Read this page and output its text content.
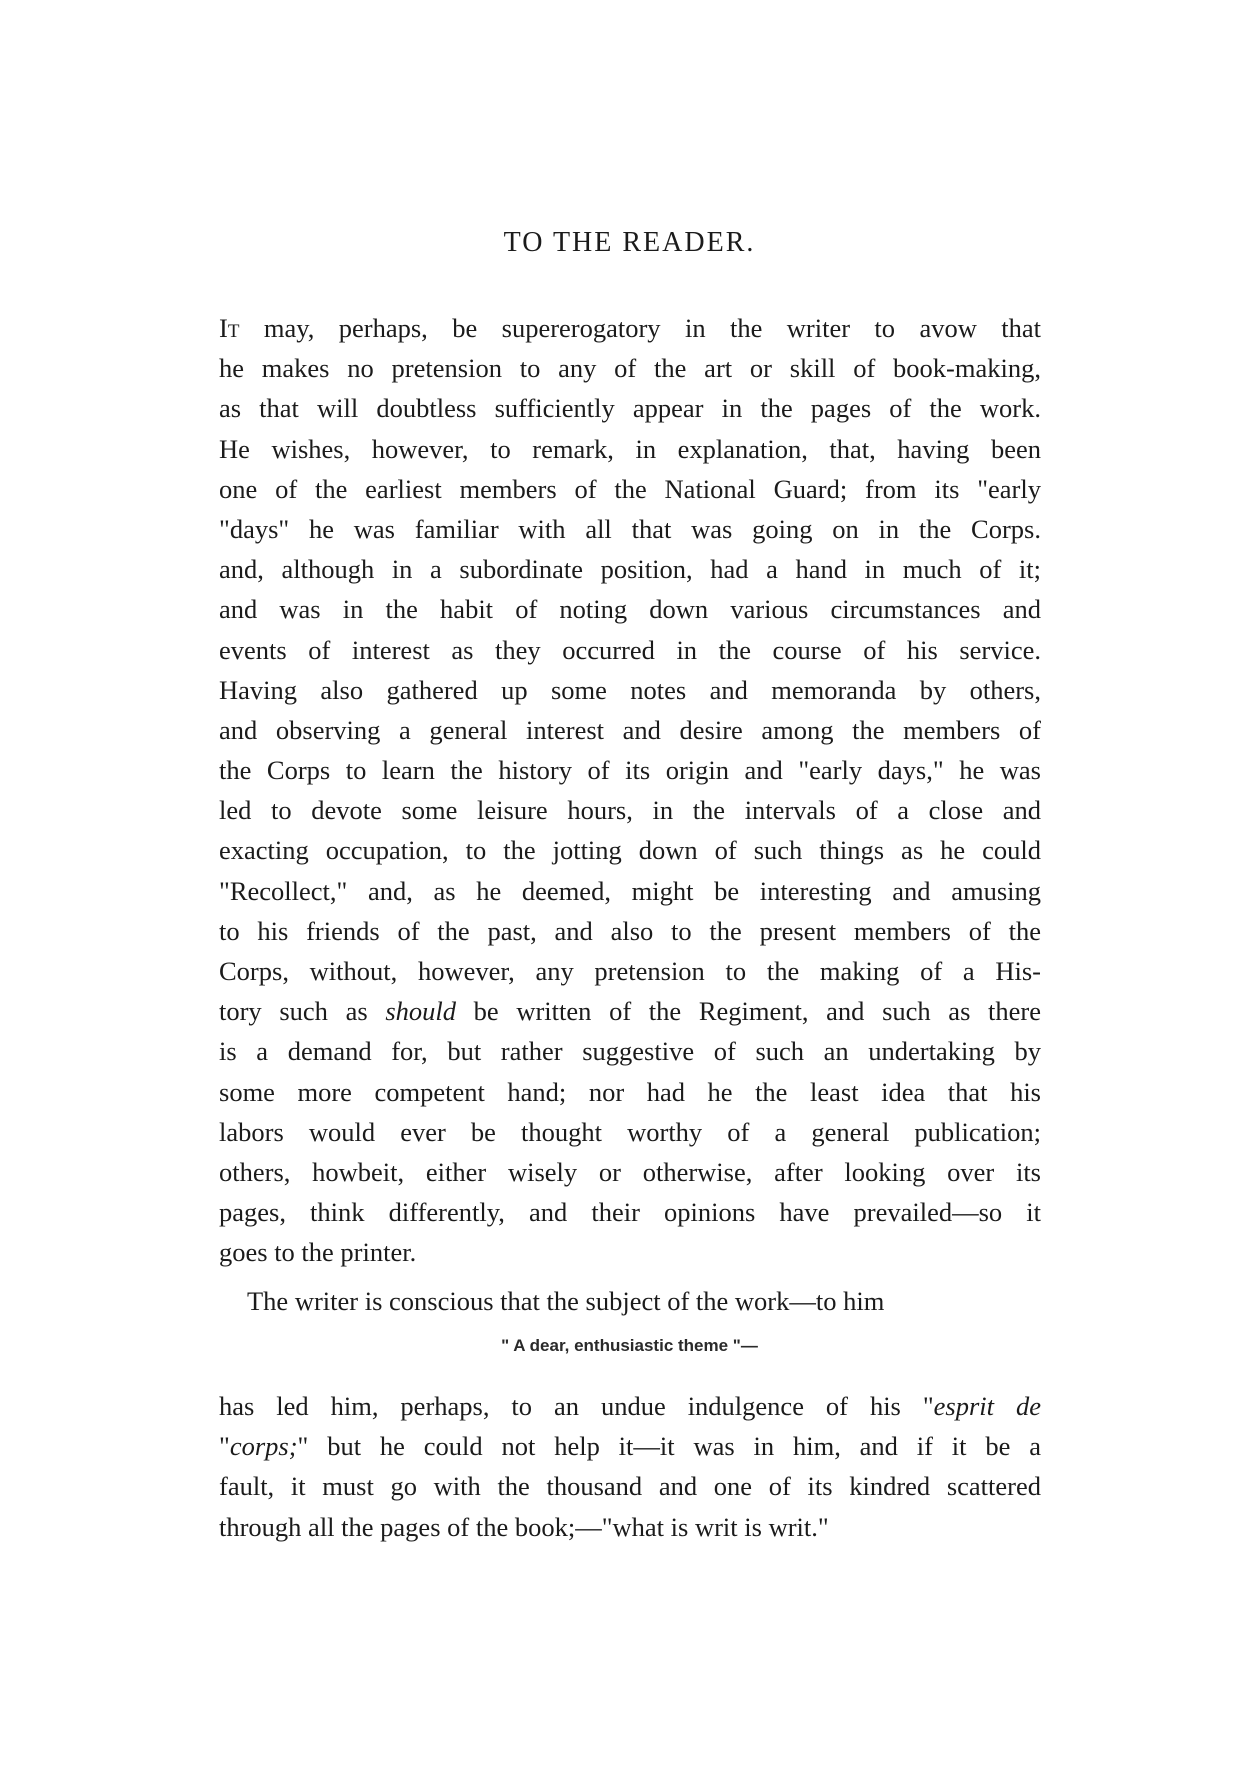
TO THE READER.
It may, perhaps, be supererogatory in the writer to avow that
he makes no pretension to any of the art or skill of book-making,
as that will doubtless sufficiently appear in the pages of the work.
He wishes, however, to remark, in explanation, that, having been
one of the earliest members of the National Guard; from its "early
"days" he was familiar with all that was going on in the Corps.
and, although in a subordinate position, had a hand in much of it;
and was in the habit of noting down various circumstances and
events of interest as they occurred in the course of his service.
Having also gathered up some notes and memoranda by others,
and observing a general interest and desire among the members of
the Corps to learn the history of its origin and "early days," he was
led to devote some leisure hours, in the intervals of a close and
exacting occupation, to the jotting down of such things as he could
"Recollect," and, as he deemed, might be interesting and amusing
to his friends of the past, and also to the present members of the
Corps, without, however, any pretension to the making of a His-
tory such as should be written of the Regiment, and such as there
is a demand for, but rather suggestive of such an undertaking by
some more competent hand; nor had he the least idea that his
labors would ever be thought worthy of a general publication;
others, howbeit, either wisely or otherwise, after looking over its
pages, think differently, and their opinions have prevailed—so it
goes to the printer.
The writer is conscious that the subject of the work—to him
" A dear, enthusiastic theme "—
has led him, perhaps, to an undue indulgence of his "esprit de
"corps;" but he could not help it—it was in him, and if it be a
fault, it must go with the thousand and one of its kindred scattered
through all the pages of the book;—"what is writ is writ."
